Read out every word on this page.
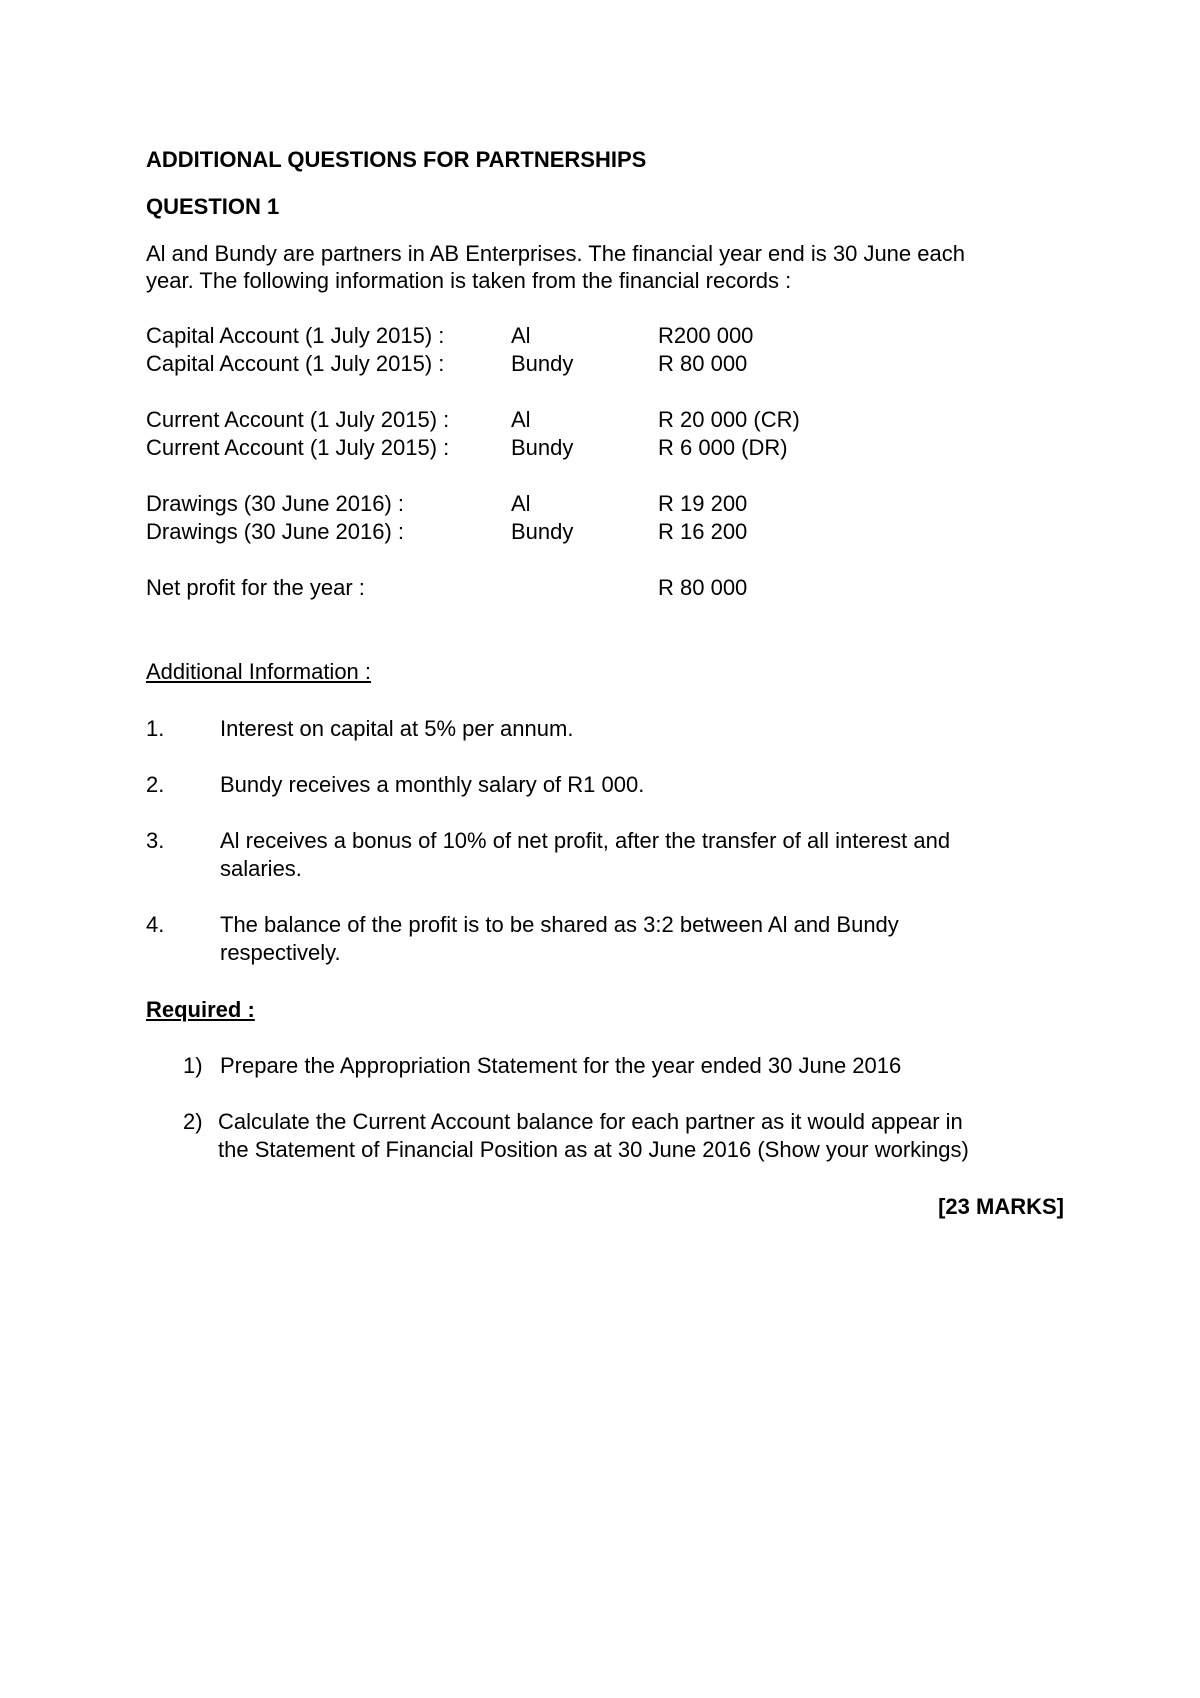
ADDITIONAL QUESTIONS FOR PARTNERSHIPS
QUESTION 1
Al and Bundy are partners in AB Enterprises. The financial year end is 30 June each
year. The following information is taken from the financial records :
Capital Account (1 July 2015) :	Al	R200 000
Capital Account (1 July 2015) :	Bundy	R 80 000
Current Account (1 July 2015) :	Al	R 20 000 (CR)
Current Account (1 July 2015) :	Bundy	R 6 000 (DR)
Drawings (30 June 2016) :	Al	R 19 200
Drawings (30 June 2016) :	Bundy	R 16 200
Net profit for the year :	R 80 000
Additional Information :
1.	Interest on capital at 5% per annum.
2.	Bundy receives a monthly salary of R1 000.
3.	Al receives a bonus of 10% of net profit, after the transfer of all interest and
salaries.
4.	The balance of the profit is to be shared as 3:2 between Al and Bundy
respectively.
Required :
1) Prepare the Appropriation Statement for the year ended 30 June 2016
2) Calculate the Current Account balance for each partner as it would appear in
the Statement of Financial Position as at 30 June 2016 (Show your workings)
[23 MARKS]
